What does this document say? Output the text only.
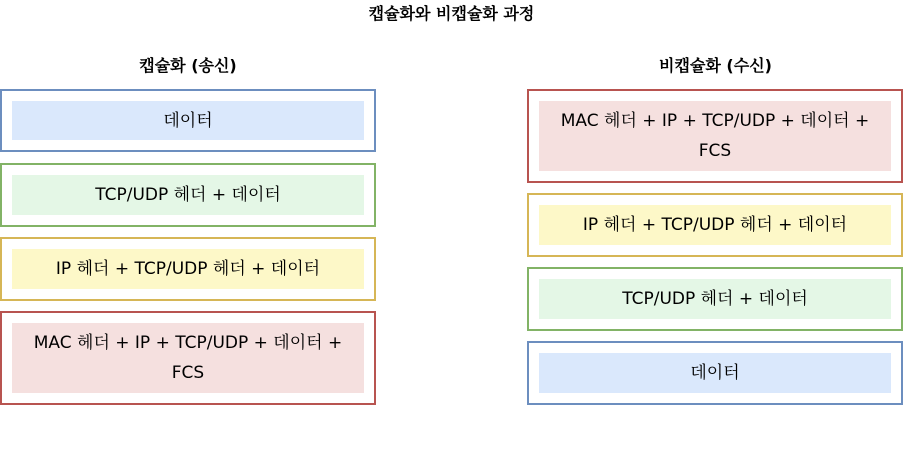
캡슐화와 비캡슐화 과정
캡슐화 (송신)	비캡슐화 (수신)
데이터
TCP/UDP 헤더 + 데이터
IP 헤더 + TCP/UDP 헤더 + 데이터
MAC 헤더 + IP + TCP/UDP + 데이터 + FCS
MAC 헤더 + IP + TCP/UDP + 데이터 + FCS
IP 헤더 + TCP/UDP 헤더 + 데이터
TCP/UDP 헤더 + 데이터
데이터
